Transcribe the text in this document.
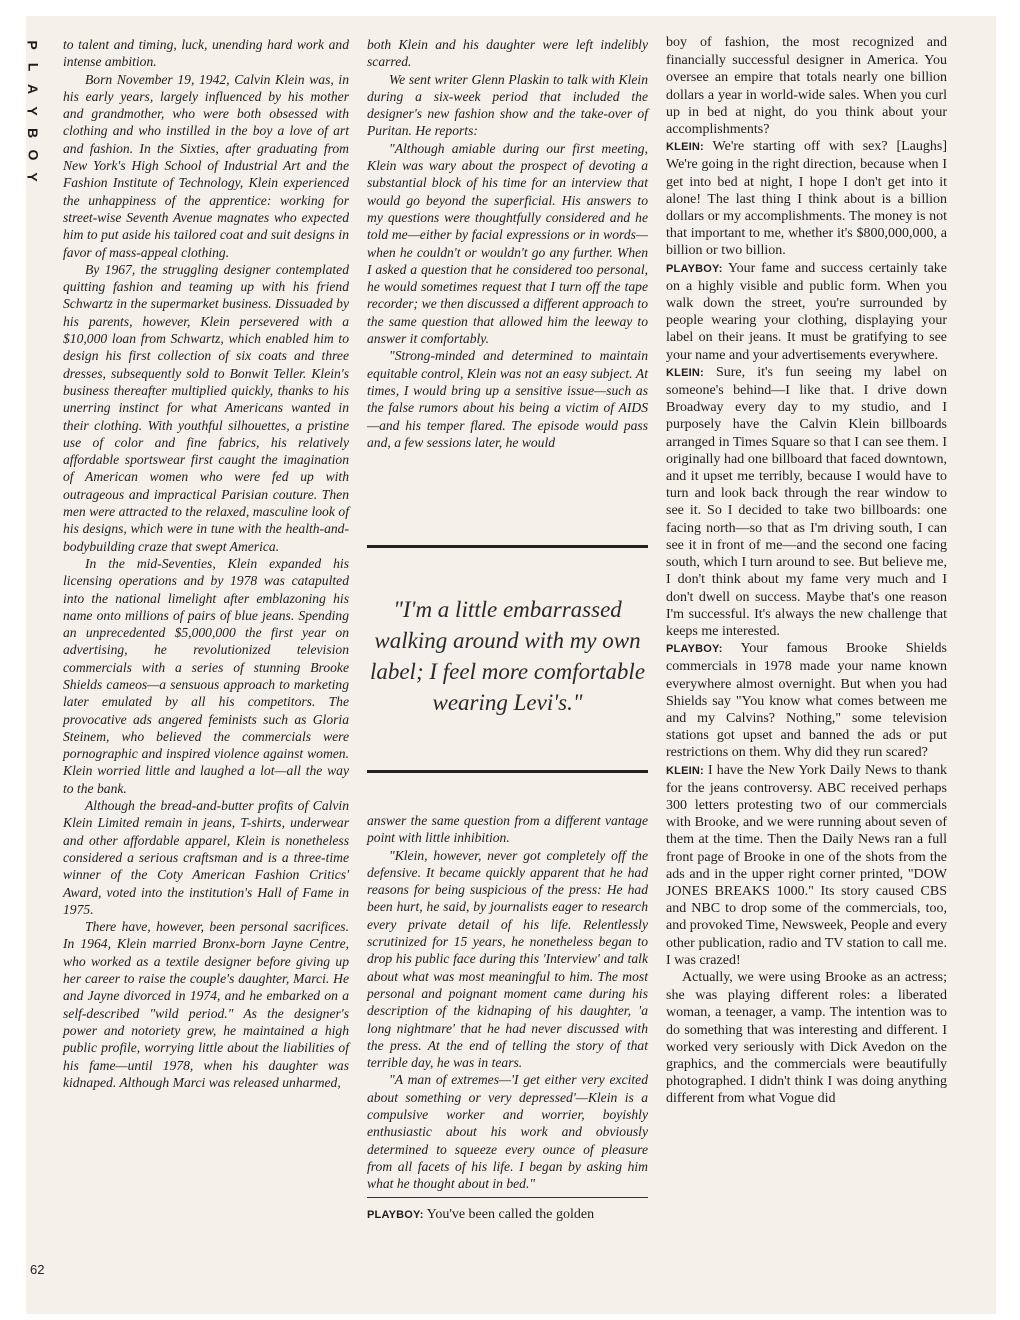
P
L
A
Y
B
O
Y
62

to talent and timing, luck, unending hard work and intense ambition.

Born November 19, 1942, Calvin Klein was, in his early years, largely influenced by his mother and grandmother, who were both obsessed with clothing and who instilled in the boy a love of art and fashion. In the Sixties, after graduating from New York's High School of Industrial Art and the Fashion Institute of Technology, Klein experienced the unhappiness of the apprentice: working for street-wise Seventh Avenue magnates who expected him to put aside his tailored coat and suit designs in favor of mass-appeal clothing.

By 1967, the struggling designer contemplated quitting fashion and teaming up with his friend Schwartz in the supermarket business. Dissuaded by his parents, however, Klein persevered with a $10,000 loan from Schwartz, which enabled him to design his first collection of six coats and three dresses, subsequently sold to Bonwit Teller. Klein's business thereafter multiplied quickly, thanks to his unerring instinct for what Americans wanted in their clothing. With youthful silhouettes, a pristine use of color and fine fabrics, his relatively affordable sportswear first caught the imagination of American women who were fed up with outrageous and impractical Parisian couture. Then men were attracted to the relaxed, masculine look of his designs, which were in tune with the health-and-bodybuilding craze that swept America.

In the mid-Seventies, Klein expanded his licensing operations and by 1978 was catapulted into the national limelight after emblazoning his name onto millions of pairs of blue jeans. Spending an unprecedented $5,000,000 the first year on advertising, he revolutionized television commercials with a series of stunning Brooke Shields cameos—a sensuous approach to marketing later emulated by all his competitors. The provocative ads angered feminists such as Gloria Steinem, who believed the commercials were pornographic and inspired violence against women. Klein worried little and laughed a lot—all the way to the bank.

Although the bread-and-butter profits of Calvin Klein Limited remain in jeans, T-shirts, underwear and other affordable apparel, Klein is nonetheless considered a serious craftsman and is a three-time winner of the Coty American Fashion Critics' Award, voted into the institution's Hall of Fame in 1975.

There have, however, been personal sacrifices. In 1964, Klein married Bronx-born Jayne Centre, who worked as a textile designer before giving up her career to raise the couple's daughter, Marci. He and Jayne divorced in 1974, and he embarked on a self-described "wild period." As the designer's power and notoriety grew, he maintained a high public profile, worrying little about the liabilities of his fame—until 1978, when his daughter was kidnaped. Although Marci was released unharmed,

both Klein and his daughter were left indelibly scarred.

We sent writer Glenn Plaskin to talk with Klein during a six-week period that included the designer's new fashion show and the take-over of Puritan. He reports:

"Although amiable during our first meeting, Klein was wary about the prospect of devoting a substantial block of his time for an interview that would go beyond the superficial. His answers to my questions were thoughtfully considered and he told me—either by facial expressions or in words—when he couldn't or wouldn't go any further. When I asked a question that he considered too personal, he would sometimes request that I turn off the tape recorder; we then discussed a different approach to the same question that allowed him the leeway to answer it comfortably.

"Strong-minded and determined to maintain equitable control, Klein was not an easy subject. At times, I would bring up a sensitive issue—such as the false rumors about his being a victim of AIDS—and his temper flared. The episode would pass and, a few sessions later, he would

"I'm a little embarrassed walking around with my own label; I feel more comfortable wearing Levi's."

answer the same question from a different vantage point with little inhibition.

"Klein, however, never got completely off the defensive. It became quickly apparent that he had reasons for being suspicious of the press: He had been hurt, he said, by journalists eager to research every private detail of his life. Relentlessly scrutinized for 15 years, he nonetheless began to drop his public face during this 'Interview' and talk about what was most meaningful to him. The most personal and poignant moment came during his description of the kidnaping of his daughter, 'a long nightmare' that he had never discussed with the press. At the end of telling the story of that terrible day, he was in tears.

"A man of extremes—'I get either very excited about something or very depressed'—Klein is a compulsive worker and worrier, boyishly enthusiastic about his work and obviously determined to squeeze every ounce of pleasure from all facets of his life. I began by asking him what he thought about in bed."

PLAYBOY: You've been called the golden

boy of fashion, the most recognized and financially successful designer in America. You oversee an empire that totals nearly one billion dollars a year in world-wide sales. When you curl up in bed at night, do you think about your accomplishments?

KLEIN: We're starting off with sex? [Laughs] We're going in the right direction, because when I get into bed at night, I hope I don't get into it alone! The last thing I think about is a billion dollars or my accomplishments. The money is not that important to me, whether it's $800,000,000, a billion or two billion.

PLAYBOY: Your fame and success certainly take on a highly visible and public form. When you walk down the street, you're surrounded by people wearing your clothing, displaying your label on their jeans. It must be gratifying to see your name and your advertisements everywhere.

KLEIN: Sure, it's fun seeing my label on someone's behind—I like that. I drive down Broadway every day to my studio, and I purposely have the Calvin Klein billboards arranged in Times Square so that I can see them. I originally had one billboard that faced downtown, and it upset me terribly, because I would have to turn and look back through the rear window to see it. So I decided to take two billboards: one facing north—so that as I'm driving south, I can see it in front of me—and the second one facing south, which I turn around to see. But believe me, I don't think about my fame very much and I don't dwell on success. Maybe that's one reason I'm successful. It's always the new challenge that keeps me interested.

PLAYBOY: Your famous Brooke Shields commercials in 1978 made your name known everywhere almost overnight. But when you had Shields say "You know what comes between me and my Calvins? Nothing," some television stations got upset and banned the ads or put restrictions on them. Why did they run scared?

KLEIN: I have the New York Daily News to thank for the jeans controversy. ABC received perhaps 300 letters protesting two of our commercials with Brooke, and we were running about seven of them at the time. Then the Daily News ran a full front page of Brooke in one of the shots from the ads and in the upper right corner printed, "DOW JONES BREAKS 1000." Its story caused CBS and NBC to drop some of the commercials, too, and provoked Time, Newsweek, People and every other publication, radio and TV station to call me. I was crazed!

Actually, we were using Brooke as an actress; she was playing different roles: a liberated woman, a teenager, a vamp. The intention was to do something that was interesting and different. I worked very seriously with Dick Avedon on the graphics, and the commercials were beautifully photographed. I didn't think I was doing anything different from what Vogue did
